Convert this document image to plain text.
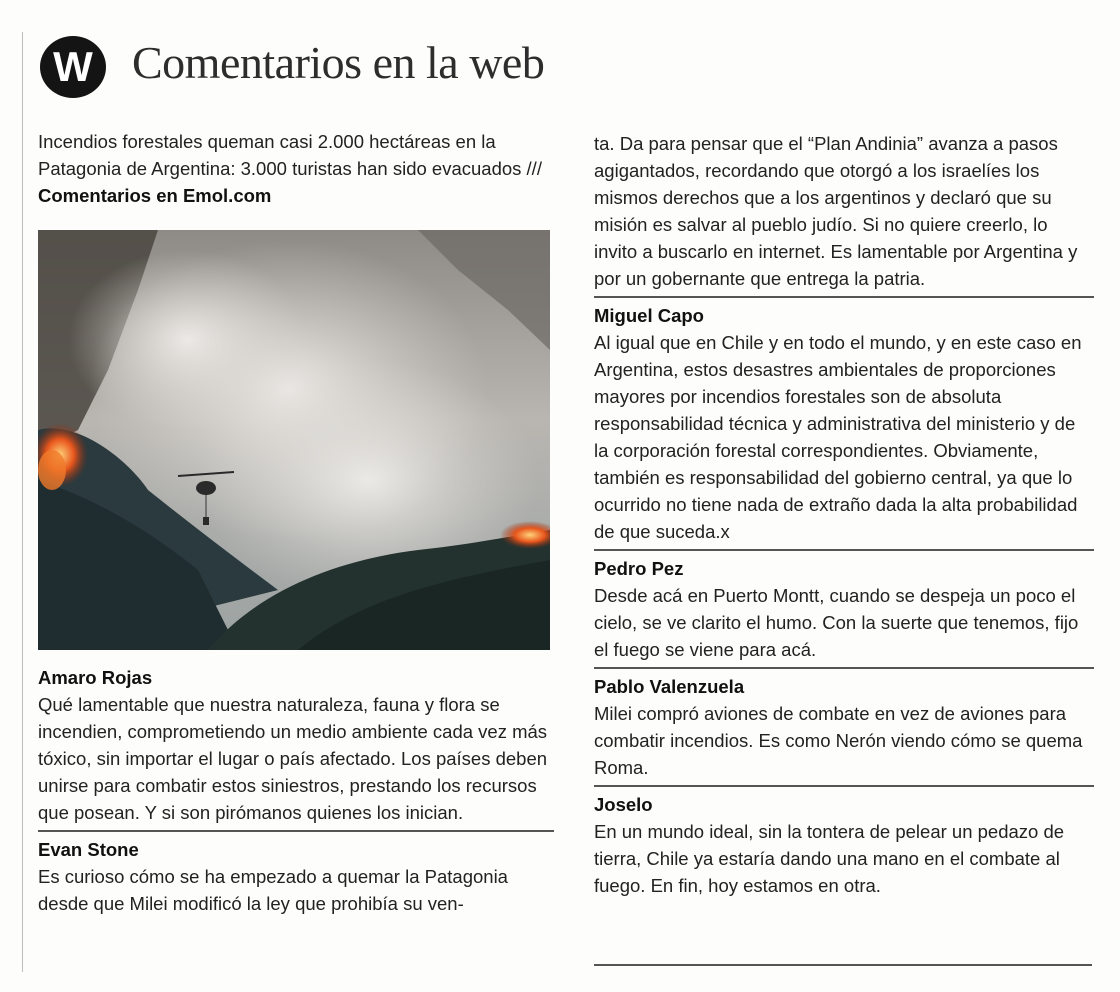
W Comentarios en la web
Incendios forestales queman casi 2.000 hectáreas en la Patagonia de Argentina: 3.000 turistas han sido evacuados /// Comentarios en Emol.com
Amaro Rojas

Qué lamentable que nuestra naturaleza, fauna y flora se incendien, comprometiendo un medio ambiente cada vez más tóxico, sin importar el lugar o país afectado. Los países deben unirse para combatir estos siniestros, prestando los recursos que posean. Y si son pirómanos quienes los inician.

Evan Stone

Es curioso cómo se ha empezado a quemar la Patagonia desde que Milei modificó la ley que prohibía su ven-

ta. Da para pensar que el “Plan Andinia” avanza a pasos agigantados, recordando que otorgó a los israelíes los mismos derechos que a los argentinos y declaró que su misión es salvar al pueblo judío. Si no quiere creerlo, lo invito a buscarlo en internet. Es lamentable por Argentina y por un gobernante que entrega la patria.

Miguel Capo

Al igual que en Chile y en todo el mundo, y en este caso en Argentina, estos desastres ambientales de proporciones mayores por incendios forestales son de absoluta responsabilidad técnica y administrativa del ministerio y de la corporación forestal correspondientes. Obviamente, también es responsabilidad del gobierno central, ya que lo ocurrido no tiene nada de extraño dada la alta probabilidad de que suceda.x

Pedro Pez

Desde acá en Puerto Montt, cuando se despeja un poco el cielo, se ve clarito el humo. Con la suerte que tenemos, fijo el fuego se viene para acá.

Pablo Valenzuela

Milei compró aviones de combate en vez de aviones para combatir incendios. Es como Nerón viendo cómo se quema Roma.

Joselo

En un mundo ideal, sin la tontera de pelear un pedazo de tierra, Chile ya estaría dando una mano en el combate al fuego. En fin, hoy estamos en otra.
